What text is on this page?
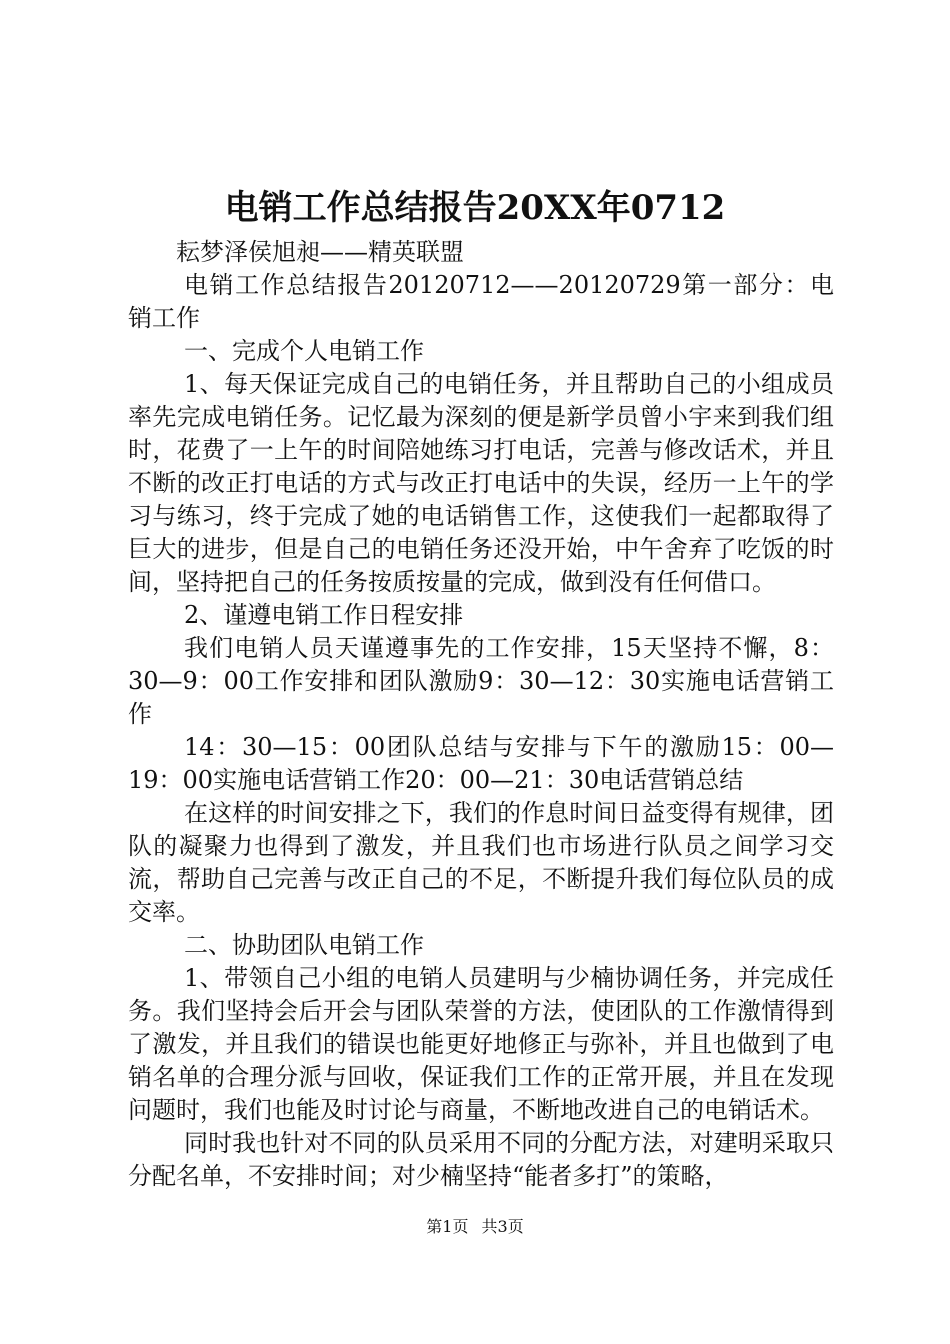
电销工作总结报告20XX年0712

耘梦泽侯旭昶——精英联盟

电销工作总结报告20120712——20120729第一部分：电销工作

一、完成个人电销工作

1、每天保证完成自己的电销任务，并且帮助自己的小组成员率先完成电销任务。记忆最为深刻的便是新学员曾小宇来到我们组时，花费了一上午的时间陪她练习打电话，完善与修改话术，并且不断的改正打电话的方式与改正打电话中的失误，经历一上午的学习与练习，终于完成了她的电话销售工作，这使我们一起都取得了巨大的进步，但是自己的电销任务还没开始，中午舍弃了吃饭的时间，坚持把自己的任务按质按量的完成，做到没有任何借口。

2、谨遵电销工作日程安排

我们电销人员天谨遵事先的工作安排，15天坚持不懈，8：30—9：00工作安排和团队激励9：30—12：30实施电话营销工作

14：30—15：00团队总结与安排与下午的激励15：00—19：00实施电话营销工作20：00—21：30电话营销总结

在这样的时间安排之下，我们的作息时间日益变得有规律，团队的凝聚力也得到了激发，并且我们也市场进行队员之间学习交流，帮助自己完善与改正自己的不足，不断提升我们每位队员的成交率。

二、协助团队电销工作

1、带领自己小组的电销人员建明与少楠协调任务，并完成任务。我们坚持会后开会与团队荣誉的方法，使团队的工作激情得到了激发，并且我们的错误也能更好地修正与弥补，并且也做到了电销名单的合理分派与回收，保证我们工作的正常开展，并且在发现问题时，我们也能及时讨论与商量，不断地改进自己的电销话术。

同时我也针对不同的队员采用不同的分配方法，对建明采取只分配名单，不安排时间；对少楠坚持“能者多打”的策略，

第1页 共3页
